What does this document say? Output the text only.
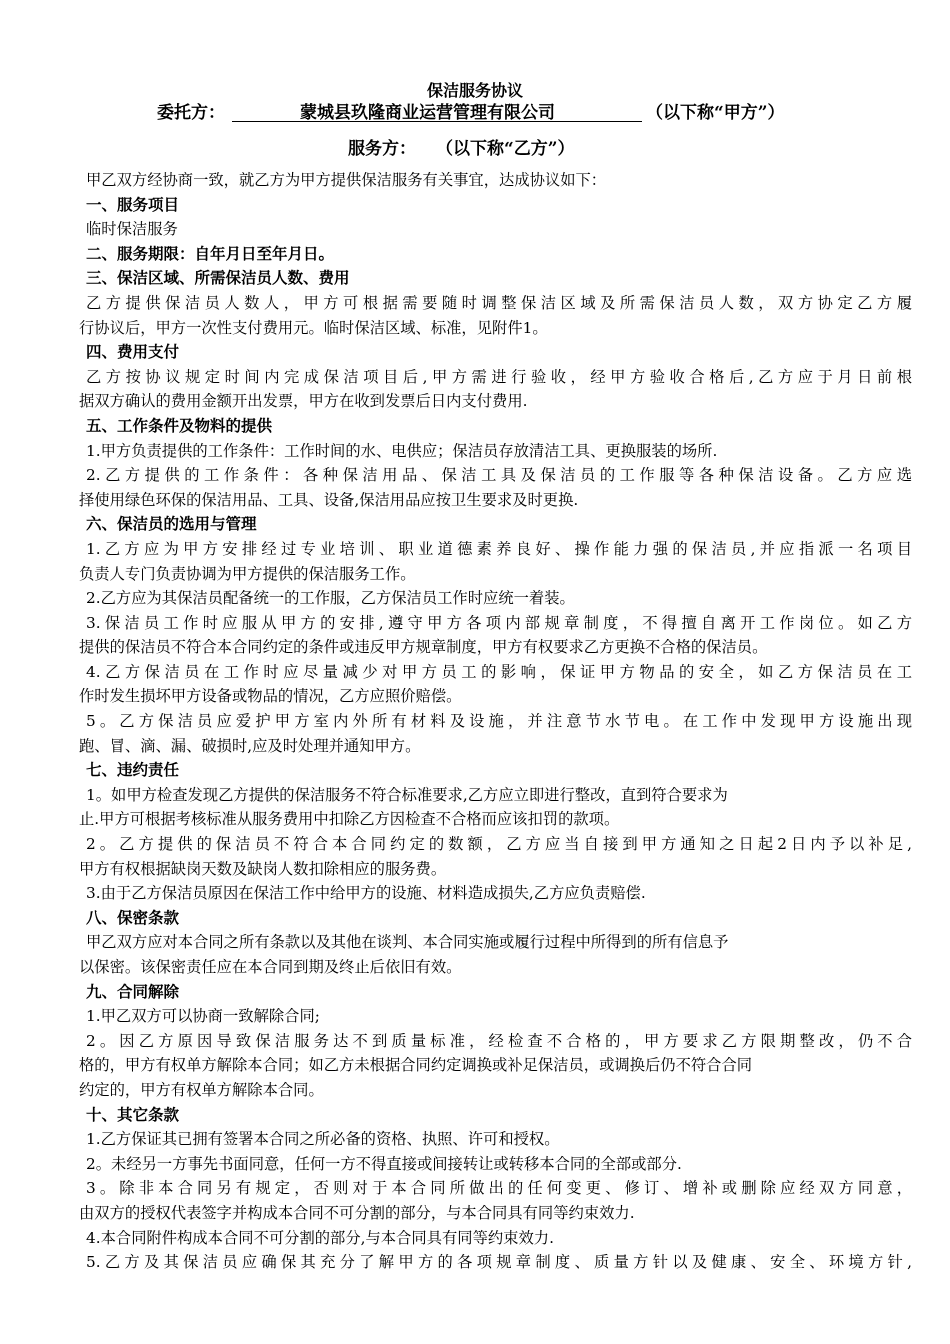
保洁服务协议
委托方：	蒙城县玖隆商业运营管理有限公司	（以下称“甲方”）
服务方： （以下称“乙方”）
甲乙双方经协商一致，就乙方为甲方提供保洁服务有关事宜，达成协议如下：
一、服务项目
临时保洁服务
二、服务期限：自年月日至年月日。
三、保洁区域、所需保洁员人数、费用
乙方提供保洁员人数人，甲方可根据需要随时调整保洁区域及所需保洁员人数，双方协定乙方履
行协议后，甲方一次性支付费用元。临时保洁区域、标准，见附件1。
四、费用支付
乙方按协议规定时间内完成保洁项目后,甲方需进行验收，经甲方验收合格后,乙方应于月日前根
据双方确认的费用金额开出发票，甲方在收到发票后日内支付费用.
五、工作条件及物料的提供
1.甲方负责提供的工作条件：工作时间的水、电供应；保洁员存放清洁工具、更换服装的场所.
2.乙方提供的工作条件：各种保洁用品、保洁工具及保洁员的工作服等各种保洁设备。乙方应选
择使用绿色环保的保洁用品、工具、设备,保洁用品应按卫生要求及时更换.
六、保洁员的选用与管理
1.乙方应为甲方安排经过专业培训、职业道德素养良好、操作能力强的保洁员,并应指派一名项目
负责人专门负责协调为甲方提供的保洁服务工作。
2.乙方应为其保洁员配备统一的工作服，乙方保洁员工作时应统一着装。
3.保洁员工作时应服从甲方的安排,遵守甲方各项内部规章制度，不得擅自离开工作岗位。如乙方
提供的保洁员不符合本合同约定的条件或违反甲方规章制度，甲方有权要求乙方更换不合格的保洁员。
4.乙方保洁员在工作时应尽量减少对甲方员工的影响，保证甲方物品的安全，如乙方保洁员在工
作时发生损坏甲方设备或物品的情况，乙方应照价赔偿。
5。乙方保洁员应爱护甲方室内外所有材料及设施，并注意节水节电。在工作中发现甲方设施出现
跑、冒、滴、漏、破损时,应及时处理并通知甲方。
七、违约责任
1。如甲方检查发现乙方提供的保洁服务不符合标准要求,乙方应立即进行整改，直到符合要求为
止.甲方可根据考核标准从服务费用中扣除乙方因检查不合格而应该扣罚的款项。
2。乙方提供的保洁员不符合本合同约定的数额，乙方应当自接到甲方通知之日起2日内予以补足,
甲方有权根据缺岗天数及缺岗人数扣除相应的服务费。
3.由于乙方保洁员原因在保洁工作中给甲方的设施、材料造成损失,乙方应负责赔偿.
八、保密条款
甲乙双方应对本合同之所有条款以及其他在谈判、本合同实施或履行过程中所得到的所有信息予
以保密。该保密责任应在本合同到期及终止后依旧有效。
九、合同解除
1.甲乙双方可以协商一致解除合同;
2。因乙方原因导致保洁服务达不到质量标准，经检查不合格的，甲方要求乙方限期整改，仍不合
格的，甲方有权单方解除本合同；如乙方未根据合同约定调换或补足保洁员，或调换后仍不符合合同
约定的，甲方有权单方解除本合同。
十、其它条款
1.乙方保证其已拥有签署本合同之所必备的资格、执照、许可和授权。
2。未经另一方事先书面同意，任何一方不得直接或间接转让或转移本合同的全部或部分.
3。除非本合同另有规定，否则对于本合同所做出的任何变更、修订、增补或删除应经双方同意，
由双方的授权代表签字并构成本合同不可分割的部分，与本合同具有同等约束效力.
4.本合同附件构成本合同不可分割的部分,与本合同具有同等约束效力.
5.乙方及其保洁员应确保其充分了解甲方的各项规章制度、质量方针以及健康、安全、环境方针,
